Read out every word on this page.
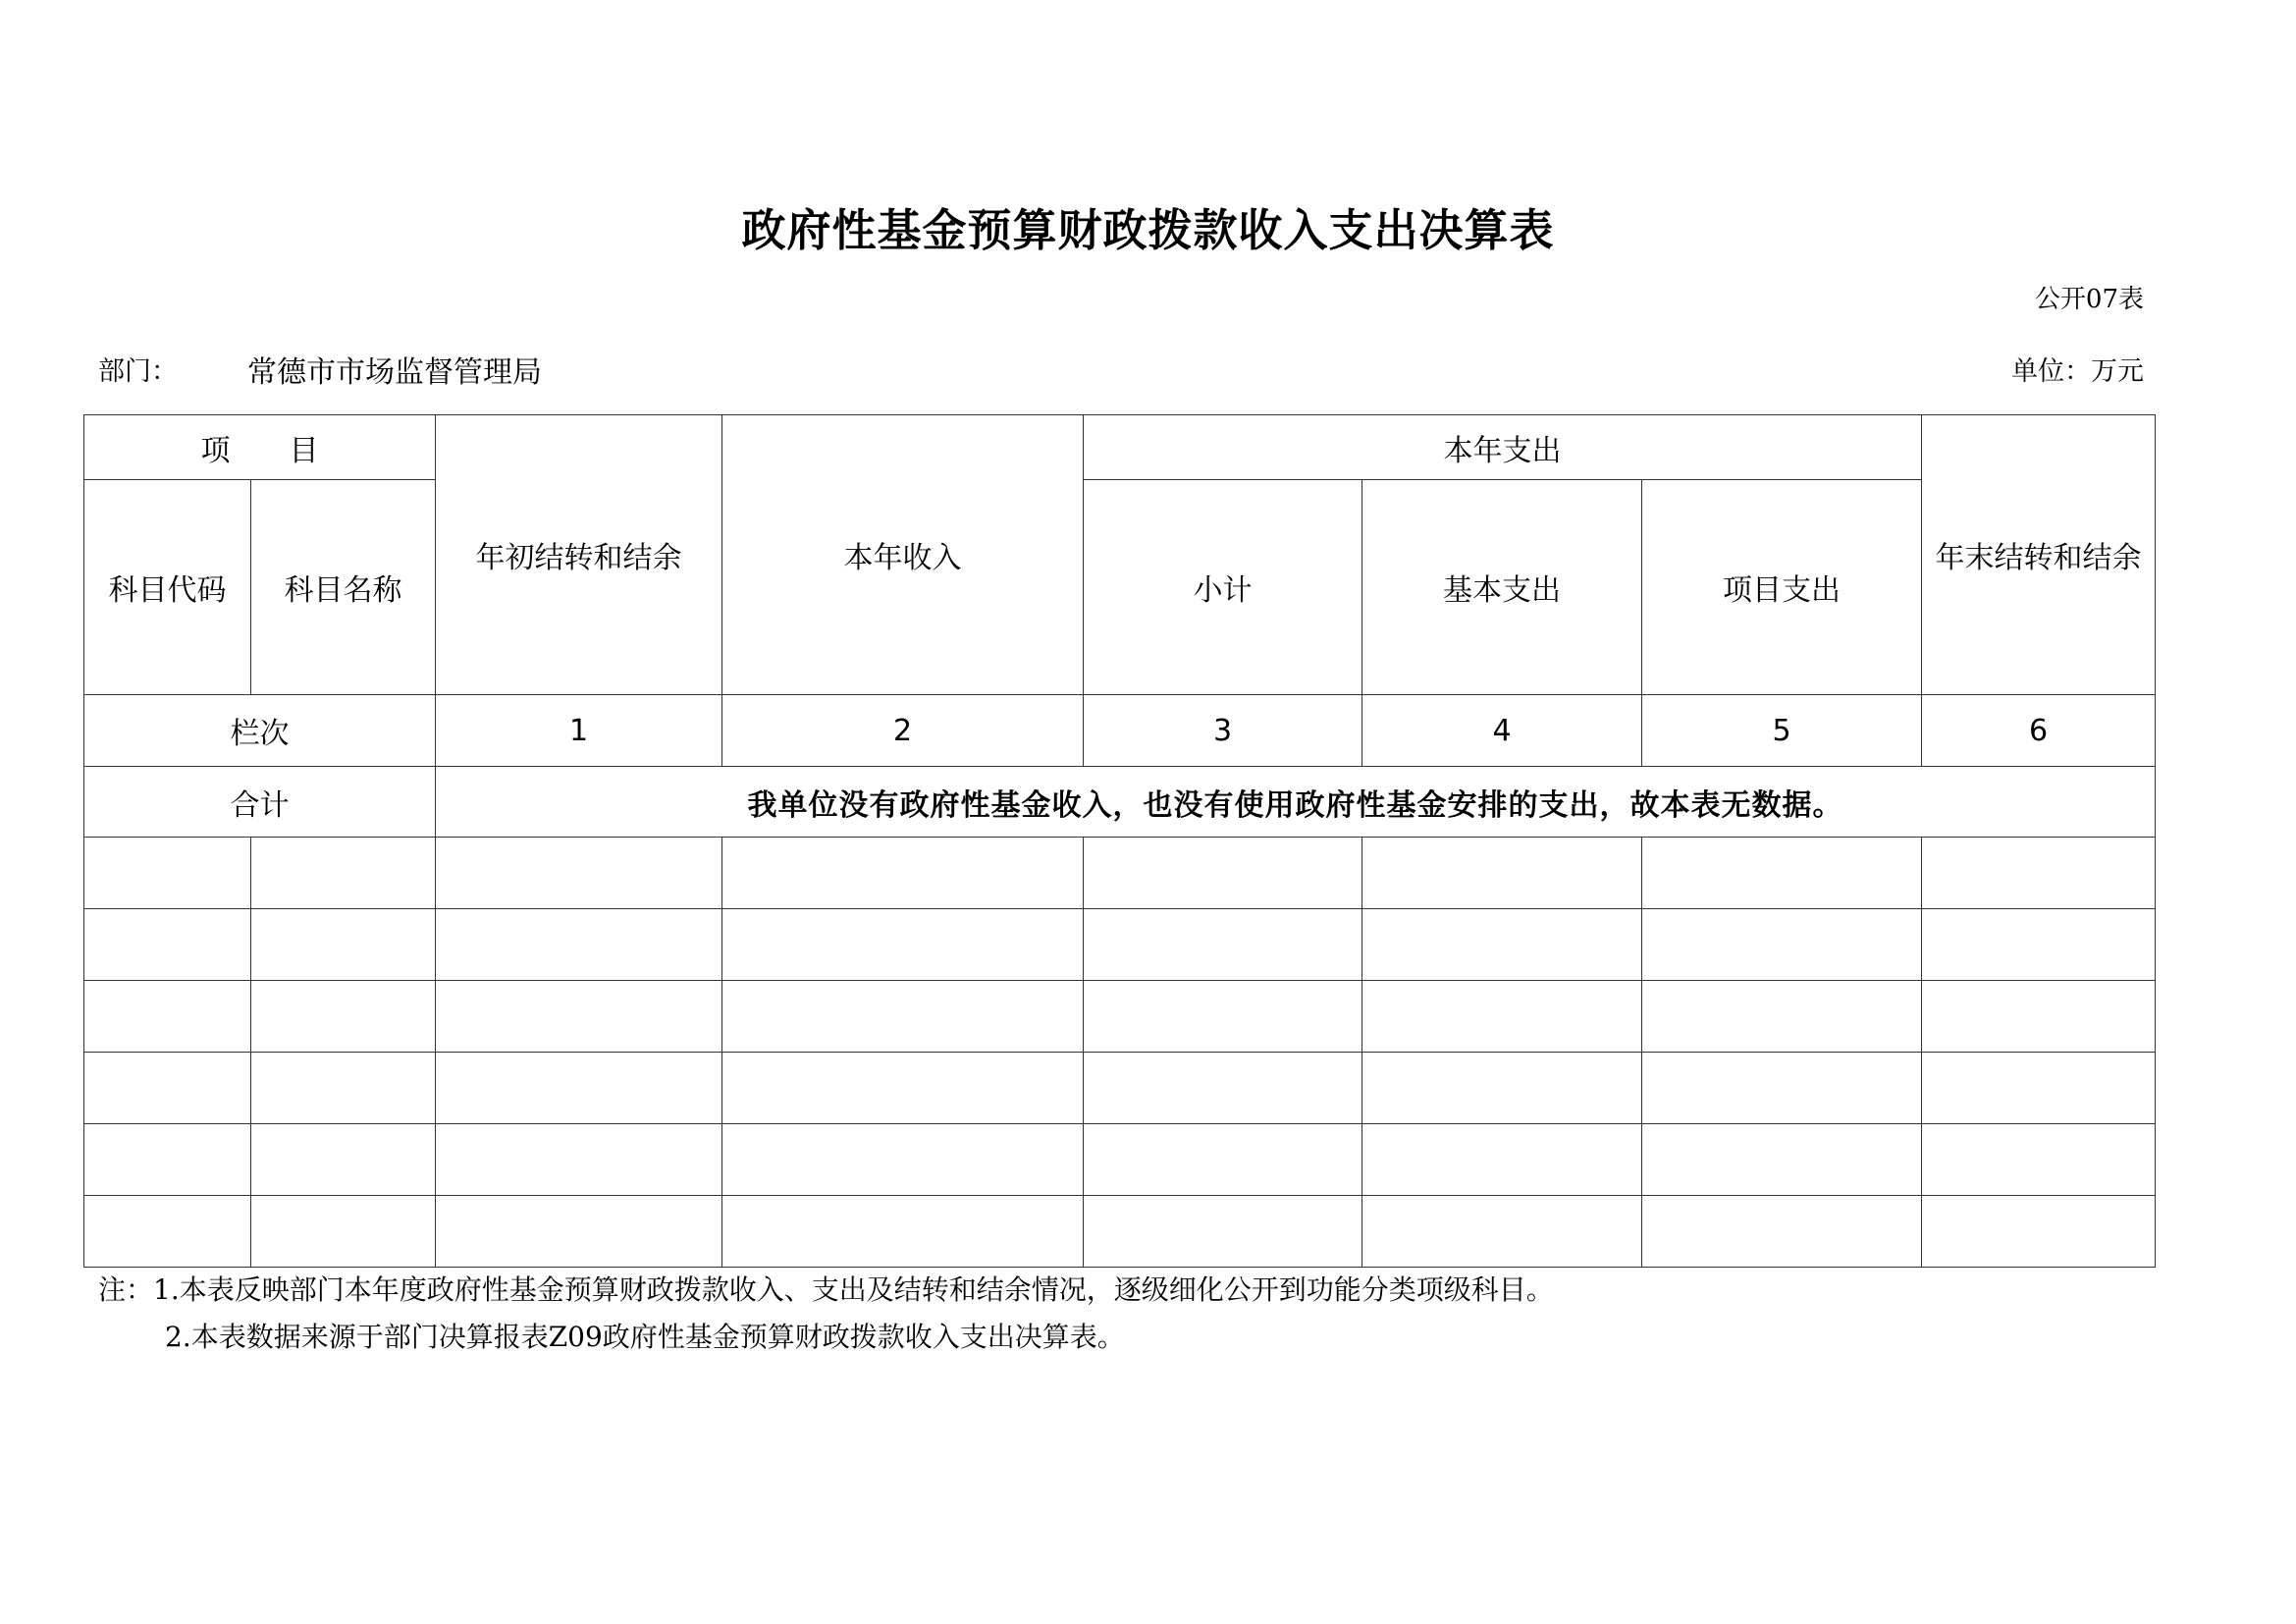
政府性基金预算财政拨款收入支出决算表
公开07表
部门： 常德市市场监督管理局	单位：万元
项　　目		年初结转和结余	本年收入	本年支出			年末结转和结余
科目代码	科目名称			小计	基本支出	项目支出	
栏次		1	2	3	4	5	6
合计		我单位没有政府性基金收入，也没有使用政府性基金安排的支出，故本表无数据。					

注：1.本表反映部门本年度政府性基金预算财政拨款收入、支出及结转和结余情况，逐级细化公开到功能分类项级科目。
2.本表数据来源于部门决算报表Z09政府性基金预算财政拨款收入支出决算表。
